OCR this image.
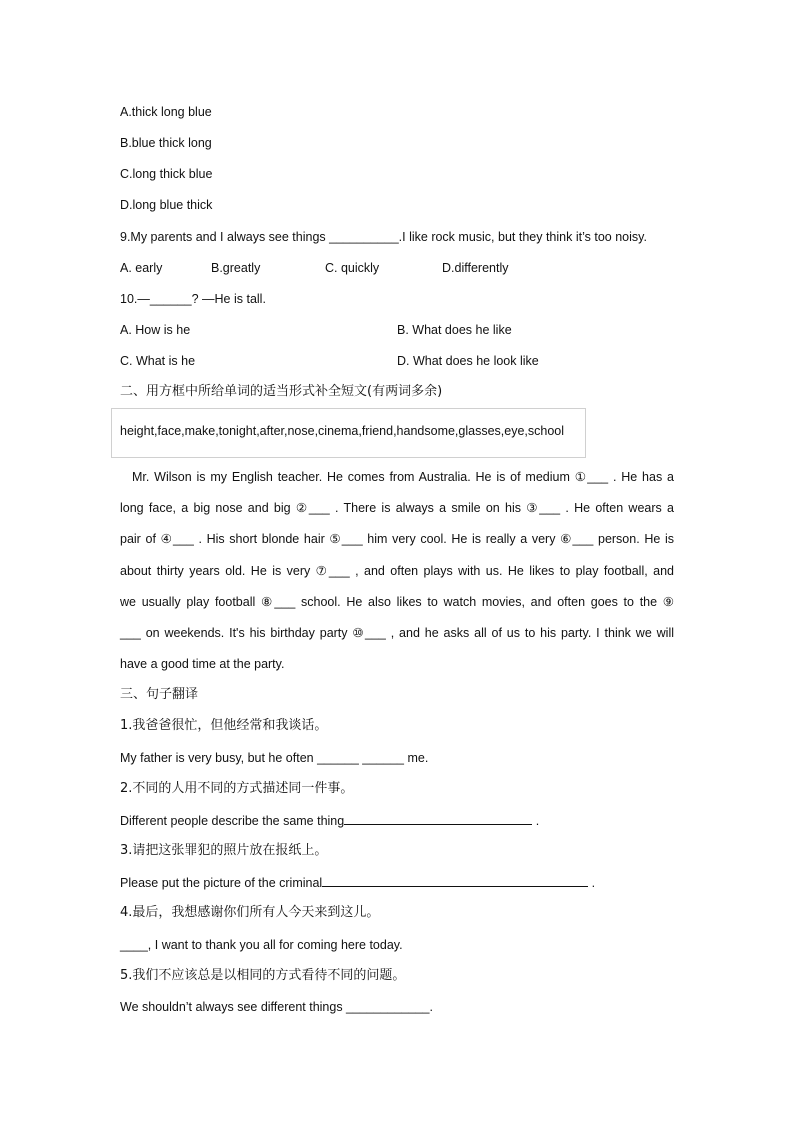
A.thick long blue
B.blue thick long
C.long thick blue
D.long blue thick
9.My parents and I always see things __________.I like rock music, but they think it’s too noisy.
A. early	B.greatly	C. quickly	D.differently
10.—______? —He is tall.
A. How is he	B. What does he like
C. What is he	D. What does he look like
二、用方框中所给单词的适当形式补全短文(有两词多余)
height,face,make,tonight,after,nose,cinema,friend,handsome,glasses,eye,school
Mr. Wilson is my English teacher. He comes from Australia. He is of medium ①___ . He has a
long face, a big nose and big ②___ . There is always a smile on his ③___ . He often wears a
pair of ④___ . His short blonde hair ⑤___ him very cool. He is really a very ⑥___ person. He is
about thirty years old. He is very ⑦___ , and often plays with us. He likes to play football, and
we usually play football ⑧___ school. He also likes to watch movies, and often goes to the ⑨
___ on weekends. It's his birthday party ⑩___ , and he asks all of us to his party. I think we will
have a good time at the party.
三、句子翻译
1.我爸爸很忙，但他经常和我谈话。
My father is very busy, but he often ______ ______ me.
2.不同的人用不同的方式描述同一件事。
Different people describe the same thing	.
3.请把这张罪犯的照片放在报纸上。
Please put the picture of the criminal	.
4.最后，我想感谢你们所有人今天来到这儿。
____, I want to thank you all for coming here today.
5.我们不应该总是以相同的方式看待不同的问题。
We shouldn’t always see different things ____________.
